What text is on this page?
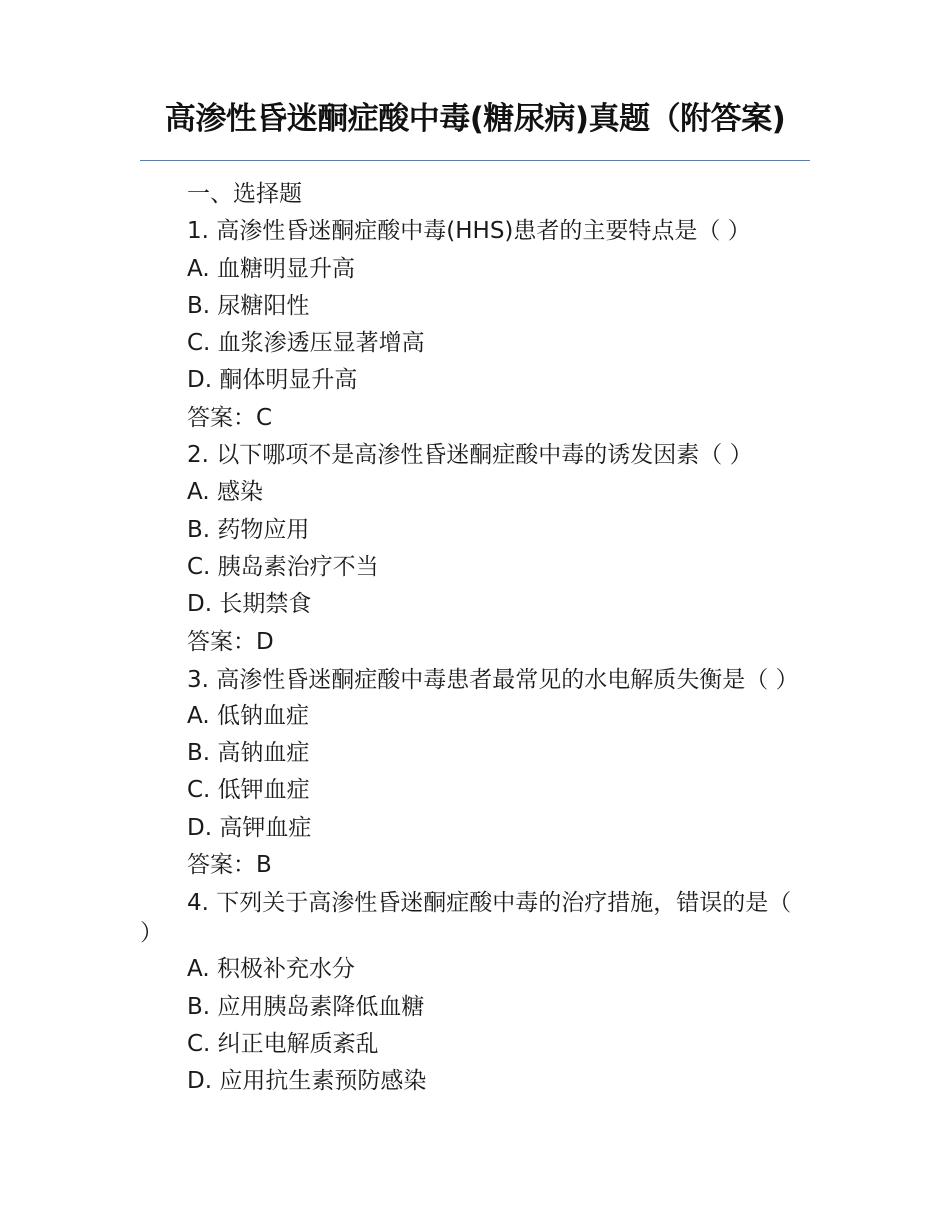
高渗性昏迷酮症酸中毒(糖尿病)真题（附答案)
一、选择题
1. 高渗性昏迷酮症酸中毒(HHS)患者的主要特点是（ ）
A. 血糖明显升高
B. 尿糖阳性
C. 血浆渗透压显著增高
D. 酮体明显升高
答案：C
2. 以下哪项不是高渗性昏迷酮症酸中毒的诱发因素（ ）
A. 感染
B. 药物应用
C. 胰岛素治疗不当
D. 长期禁食
答案：D
3. 高渗性昏迷酮症酸中毒患者最常见的水电解质失衡是（ ）
A. 低钠血症
B. 高钠血症
C. 低钾血症
D. 高钾血症
答案：B
4. 下列关于高渗性昏迷酮症酸中毒的治疗措施，错误的是（ ）
A. 积极补充水分
B. 应用胰岛素降低血糖
C. 纠正电解质紊乱
D. 应用抗生素预防感染
